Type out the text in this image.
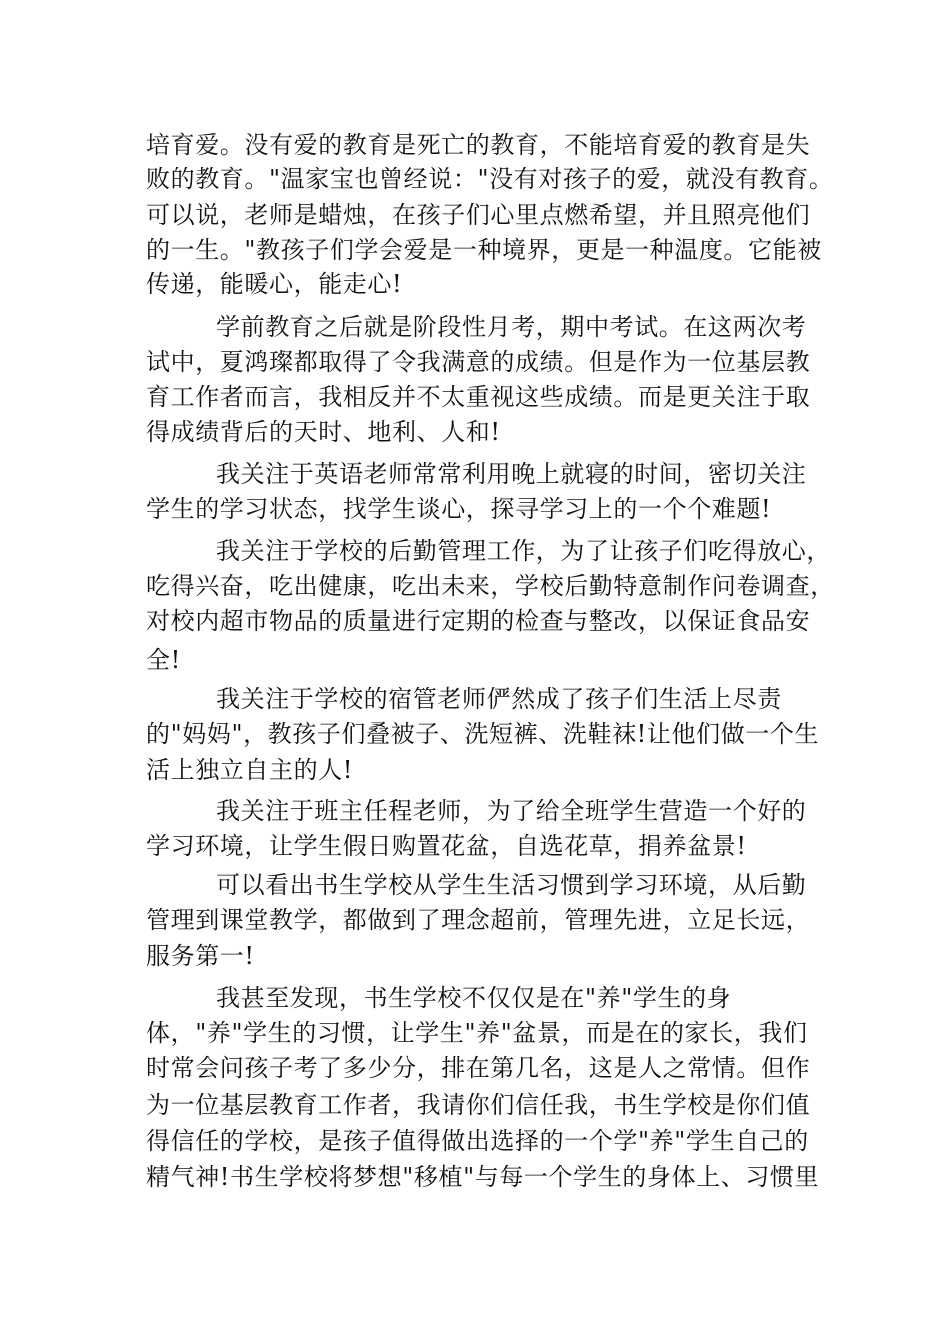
培育爱。没有爱的教育是死亡的教育，不能培育爱的教育是失

败的教育。"温家宝也曾经说："没有对孩子的爱，就没有教育。

可以说，老师是蜡烛，在孩子们心里点燃希望，并且照亮他们

的一生。"教孩子们学会爱是一种境界，更是一种温度。它能被

传递，能暖心，能走心!

学前教育之后就是阶段性月考，期中考试。在这两次考

试中，夏鸿璨都取得了令我满意的成绩。但是作为一位基层教

育工作者而言，我相反并不太重视这些成绩。而是更关注于取

得成绩背后的天时、地利、人和!

我关注于英语老师常常利用晚上就寝的时间，密切关注

学生的学习状态，找学生谈心，探寻学习上的一个个难题!

我关注于学校的后勤管理工作，为了让孩子们吃得放心，

吃得兴奋，吃出健康，吃出未来，学校后勤特意制作问卷调查，

对校内超市物品的质量进行定期的检查与整改，以保证食品安

全!

我关注于学校的宿管老师俨然成了孩子们生活上尽责

的"妈妈"，教孩子们叠被子、洗短裤、洗鞋袜!让他们做一个生

活上独立自主的人!

我关注于班主任程老师，为了给全班学生营造一个好的

学习环境，让学生假日购置花盆，自选花草，捐养盆景!

可以看出书生学校从学生生活习惯到学习环境，从后勤

管理到课堂教学，都做到了理念超前，管理先进，立足长远，

服务第一!

我甚至发现，书生学校不仅仅是在"养"学生的身

体，"养"学生的习惯，让学生"养"盆景，而是在的家长，我们

时常会问孩子考了多少分，排在第几名，这是人之常情。但作

为一位基层教育工作者，我请你们信任我，书生学校是你们值

得信任的学校，是孩子值得做出选择的一个学"养"学生自己的

精气神!书生学校将梦想"移植"与每一个学生的身体上、习惯里
